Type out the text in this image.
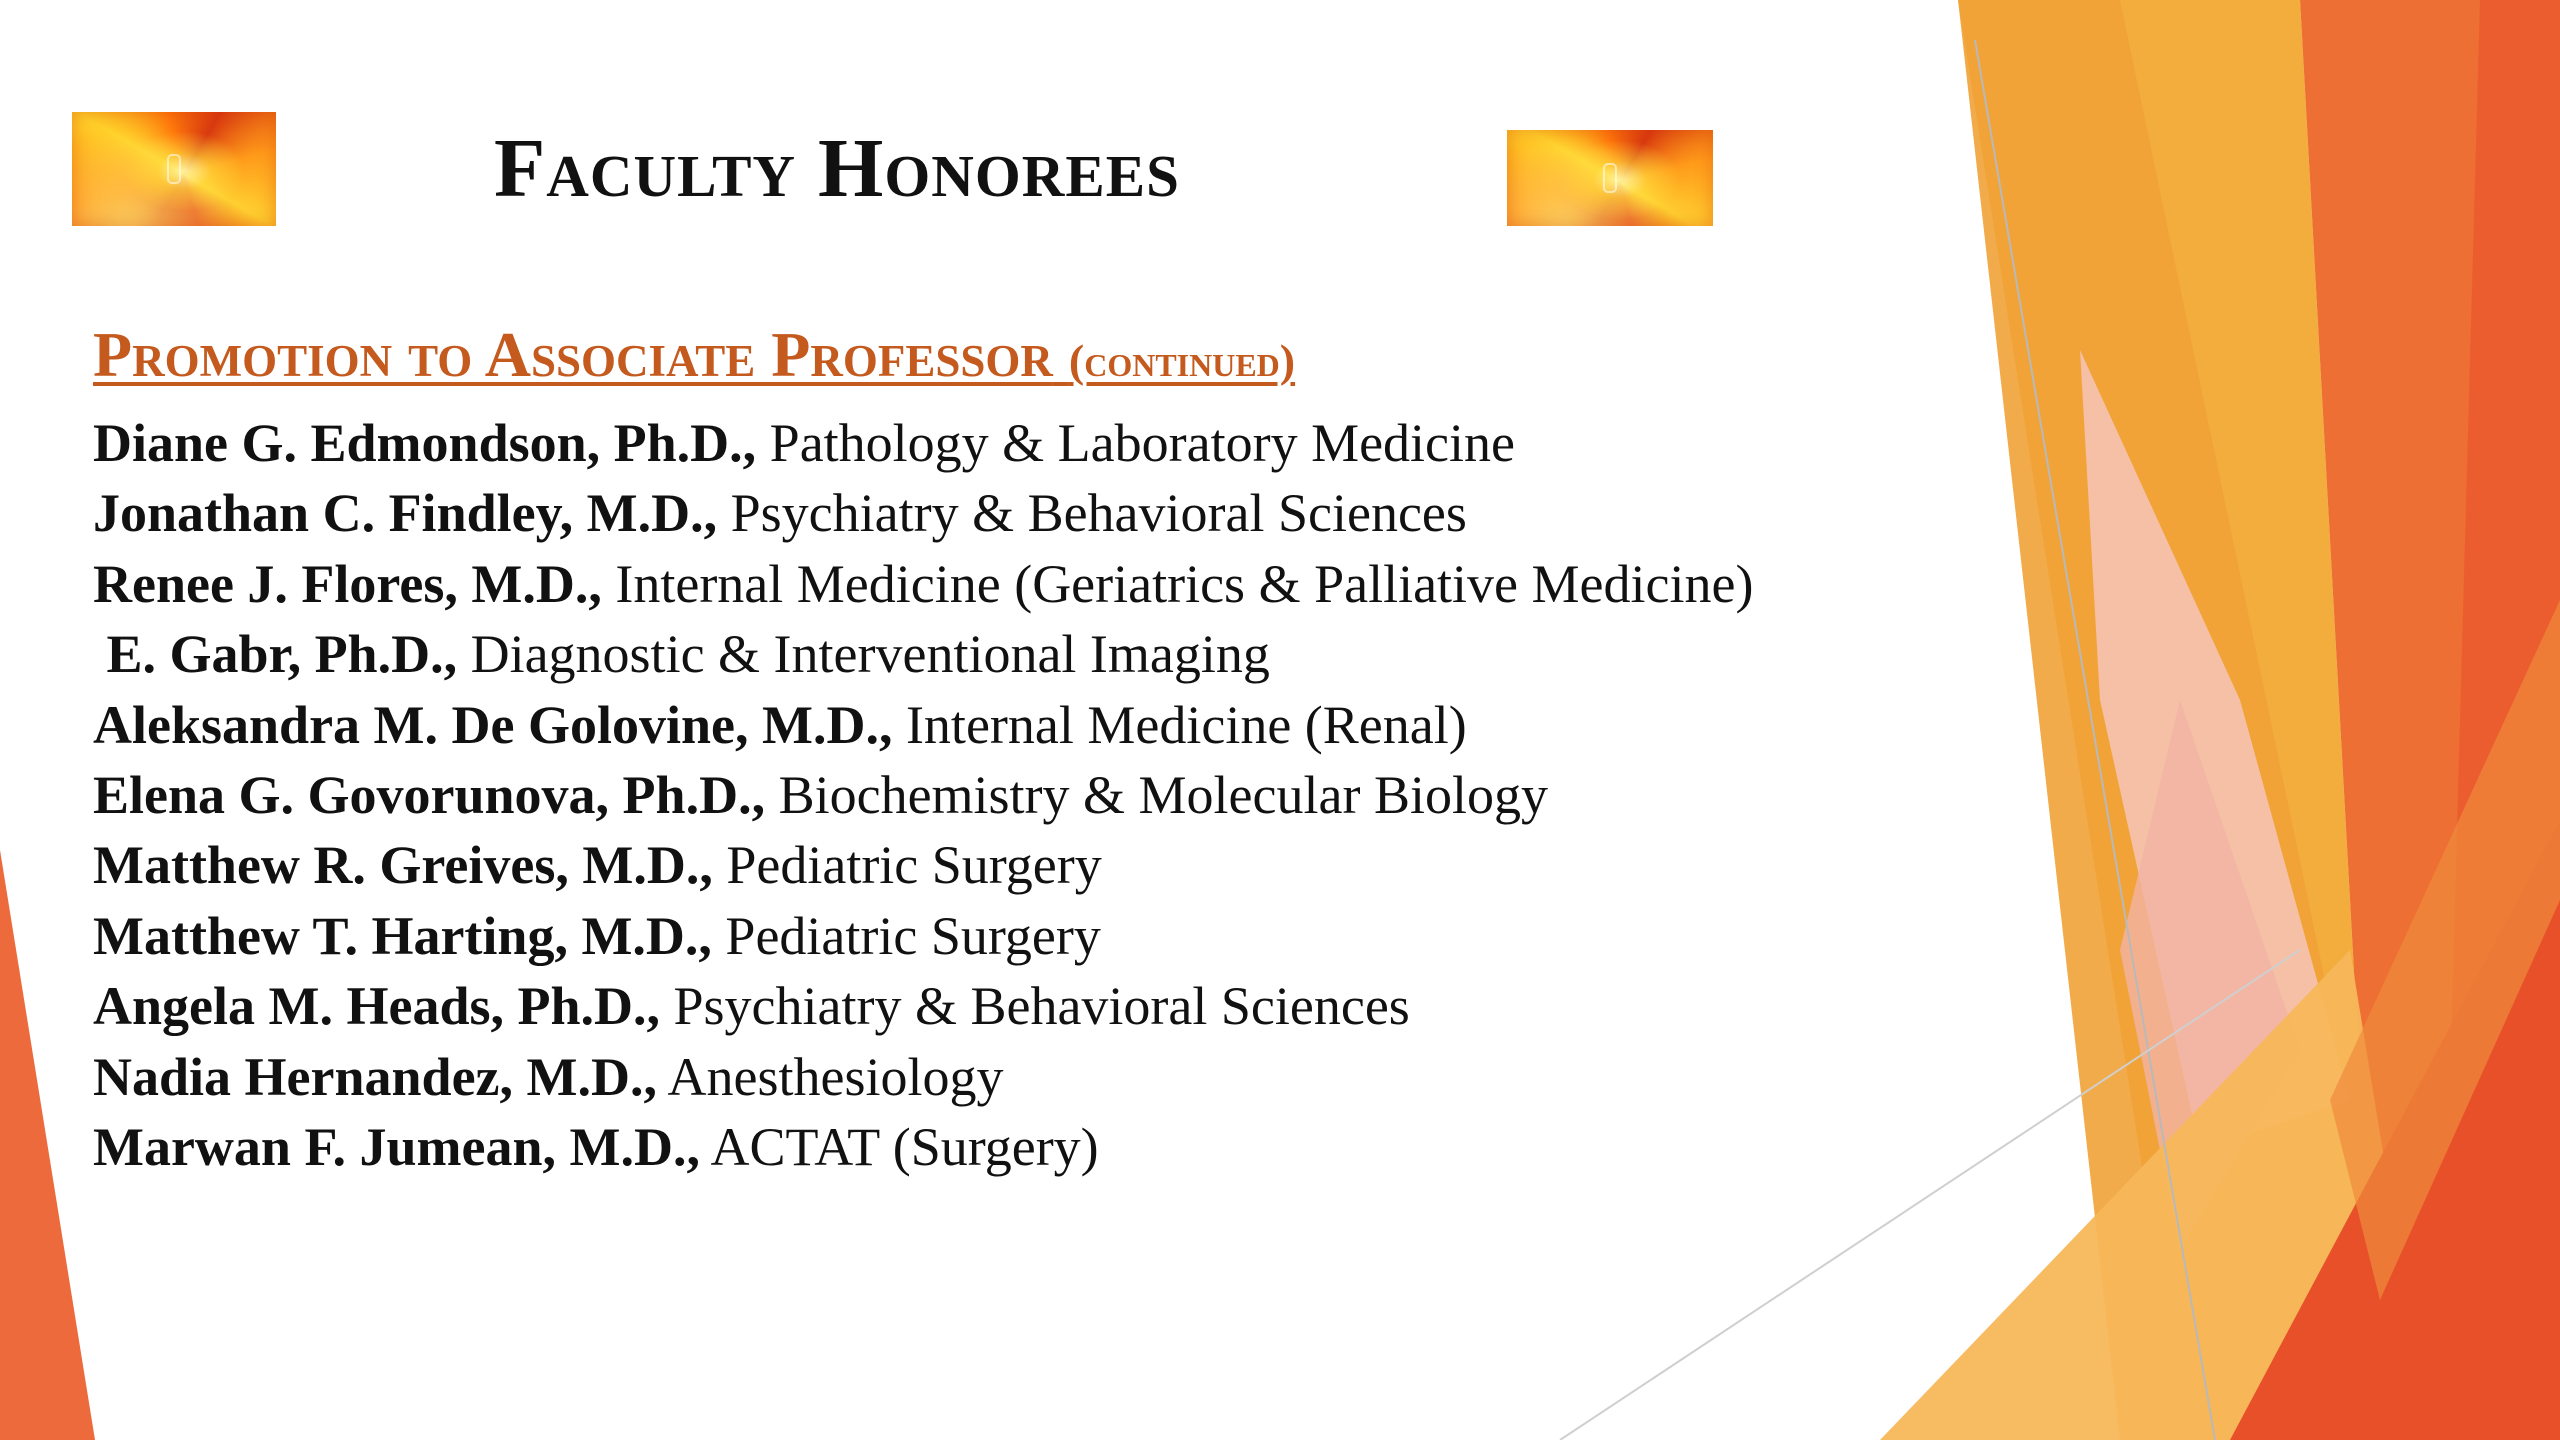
Faculty Honorees
Promotion to Associate Professor (continued)
Diane G. Edmondson, Ph.D., Pathology & Laboratory Medicine
Jonathan C. Findley, M.D., Psychiatry & Behavioral Sciences
Renee J. Flores, M.D., Internal Medicine (Geriatrics & Palliative Medicine)
E. Gabr, Ph.D., Diagnostic & Interventional Imaging
Aleksandra M. De Golovine, M.D., Internal Medicine (Renal)
Elena G. Govorunova, Ph.D., Biochemistry & Molecular Biology
Matthew R. Greives, M.D., Pediatric Surgery
Matthew T. Harting, M.D., Pediatric Surgery
Angela M. Heads, Ph.D., Psychiatry & Behavioral Sciences
Nadia Hernandez, M.D., Anesthesiology
Marwan F. Jumean, M.D., ACTAT (Surgery)
